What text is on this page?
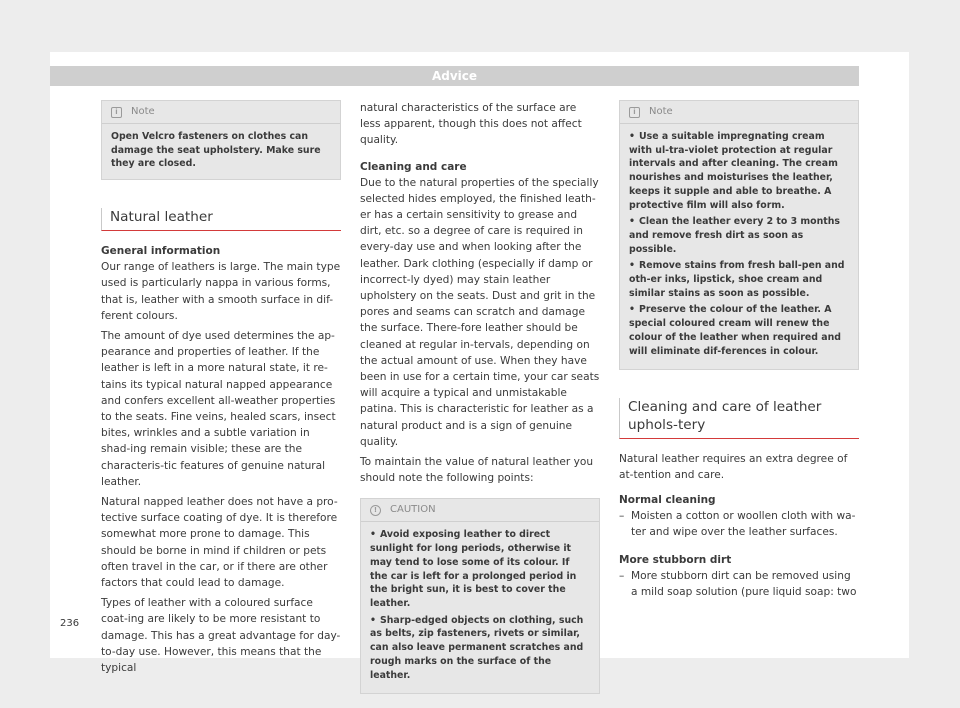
Advice
i	Note
Open Velcro fasteners on clothes can damage the seat upholstery. Make sure they are closed.
Natural leather
General information

Our range of leathers is large. The main type used is particularly nappa in various forms, that is, leather with a smooth surface in dif-ferent colours.

The amount of dye used determines the ap-pearance and properties of leather. If the leather is left in a more natural state, it re-tains its typical natural napped appearance and confers excellent all-weather properties to the seats. Fine veins, healed scars, insect bites, wrinkles and a subtle variation in shad-ing remain visible; these are the characteris-tic features of genuine natural leather.

Natural napped leather does not have a pro-tective surface coating of dye. It is therefore somewhat more prone to damage. This should be borne in mind if children or pets often travel in the car, or if there are other factors that could lead to damage.

Types of leather with a coloured surface coat-ing are likely to be more resistant to damage. This has a great advantage for day-to-day use. However, this means that the typical

natural characteristics of the surface are less apparent, though this does not affect quality.

Cleaning and care

Due to the natural properties of the specially selected hides employed, the finished leath-er has a certain sensitivity to grease and dirt, etc. so a degree of care is required in every-day use and when looking after the leather. Dark clothing (especially if damp or incorrect-ly dyed) may stain leather upholstery on the seats. Dust and grit in the pores and seams can scratch and damage the surface. There-fore leather should be cleaned at regular in-tervals, depending on the actual amount of use. When they have been in use for a certain time, your car seats will acquire a typical and unmistakable patina. This is characteristic for leather as a natural product and is a sign of genuine quality.

To maintain the value of natural leather you should note the following points:

!	CAUTION
• Avoid exposing leather to direct sunlight for long periods, otherwise it may tend to lose some of its colour. If the car is left for a prolonged period in the bright sun, it is best to cover the leather.
• Sharp-edged objects on clothing, such as belts, zip fasteners, rivets or similar, can also leave permanent scratches and rough marks on the surface of the leather.
i	Note
• Use a suitable impregnating cream with ul-tra-violet protection at regular intervals and after cleaning. The cream nourishes and moisturises the leather, keeps it supple and able to breathe. A protective film will also form.
• Clean the leather every 2 to 3 months and remove fresh dirt as soon as possible.
• Remove stains from fresh ball-pen and oth-er inks, lipstick, shoe cream and similar stains as soon as possible.
• Preserve the colour of the leather. A special coloured cream will renew the colour of the leather when required and will eliminate dif-ferences in colour.
Cleaning and care of leather uphols-tery

Natural leather requires an extra degree of at-tention and care.

Normal cleaning
– Moisten a cotton or woollen cloth with wa-ter and wipe over the leather surfaces.
More stubborn dirt
– More stubborn dirt can be removed using a mild soap solution (pure liquid soap: two
236
